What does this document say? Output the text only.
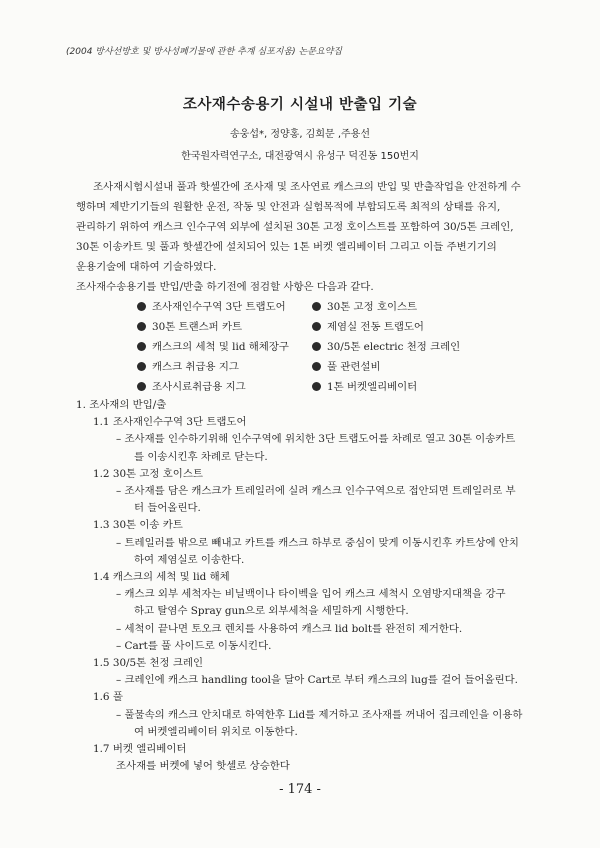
(2004 방사선방호 및 방사성폐기물에 관한 추계 심포지움) 논문요약집
조사재수송용기 시설내 반출입 기술
송웅섭*, 정양홍, 김희문 ,주용선
한국원자력연구소, 대전광역시 유성구 덕진동 150번지
조사재시험시설내 풀과 핫셀간에 조사재 및 조사연료 캐스크의 반입 및 반출작업을 안전하게 수
행하며 제반기기들의 원활한 운전, 작동 및 안전과 실험목적에 부합되도록 최적의 상태를 유지,
관리하기 위하여 캐스크 인수구역 외부에 설치된 30톤 고정 호이스트를 포함하여 30/5톤 크레인,
30톤 이송카트 및 풀과 핫셀간에 설치되어 있는 1톤 버켓 엘리베이터 그리고 이들 주변기기의
운용기술에 대하여 기술하였다.
조사재수송용기를 반입/반출 하기전에 점검할 사항은 다음과 같다.
조사재인수구역 3단 트랩도어	30톤 고정 호이스트
30톤 트랜스퍼 카트	제염실 전동 트랩도어
캐스크의 세척 및 lid 해체장구	30/5톤 electric 천정 크레인
캐스크 취급용 지그	풀 관련설비
조사시료취급용 지그	1톤 버켓엘리베이터
1. 조사재의 반입/출
1.1 조사재인수구역 3단 트랩도어
– 조사재를 인수하기위해 인수구역에 위치한 3단 트랩도어를 차례로 열고 30톤 이송카트
를 이송시킨후 차례로 닫는다.
1.2 30톤 고정 호이스트
– 조사재를 담은 캐스크가 트레일러에 실려 캐스크 인수구역으로 접안되면 트레일러로 부
터 들어올린다.
1.3 30톤 이송 카트
– 트레일러를 밖으로 빼내고 카트를 캐스크 하부로 중심이 맞게 이동시킨후 카트상에 안치
하여 제염실로 이송한다.
1.4 캐스크의 세척 및 lid 해체
– 캐스크 외부 세척자는 비닐백이나 타이벡을 입어 캐스크 세척시 오염방지대책을 강구
하고 탈염수 Spray gun으로 외부세척을 세밀하게 시행한다.
– 세척이 끝나면 토오크 렌치를 사용하여 캐스크 lid bolt를 완전히 제거한다.
– Cart를 풀 사이드로 이동시킨다.
1.5 30/5톤 천정 크레인
– 크레인에 캐스크 handling tool을 달아 Cart로 부터 캐스크의 lug를 걸어 들어올린다.
1.6 풀
– 풀물속의 캐스크 안치대로 하역한후 Lid를 제거하고 조사재를 꺼내어 집크레인을 이용하
여 버켓엘리베이터 위치로 이동한다.
1.7 버켓 엘리베이터
조사재를 버켓에 넣어 핫셀로 상승한다
- 174 -
